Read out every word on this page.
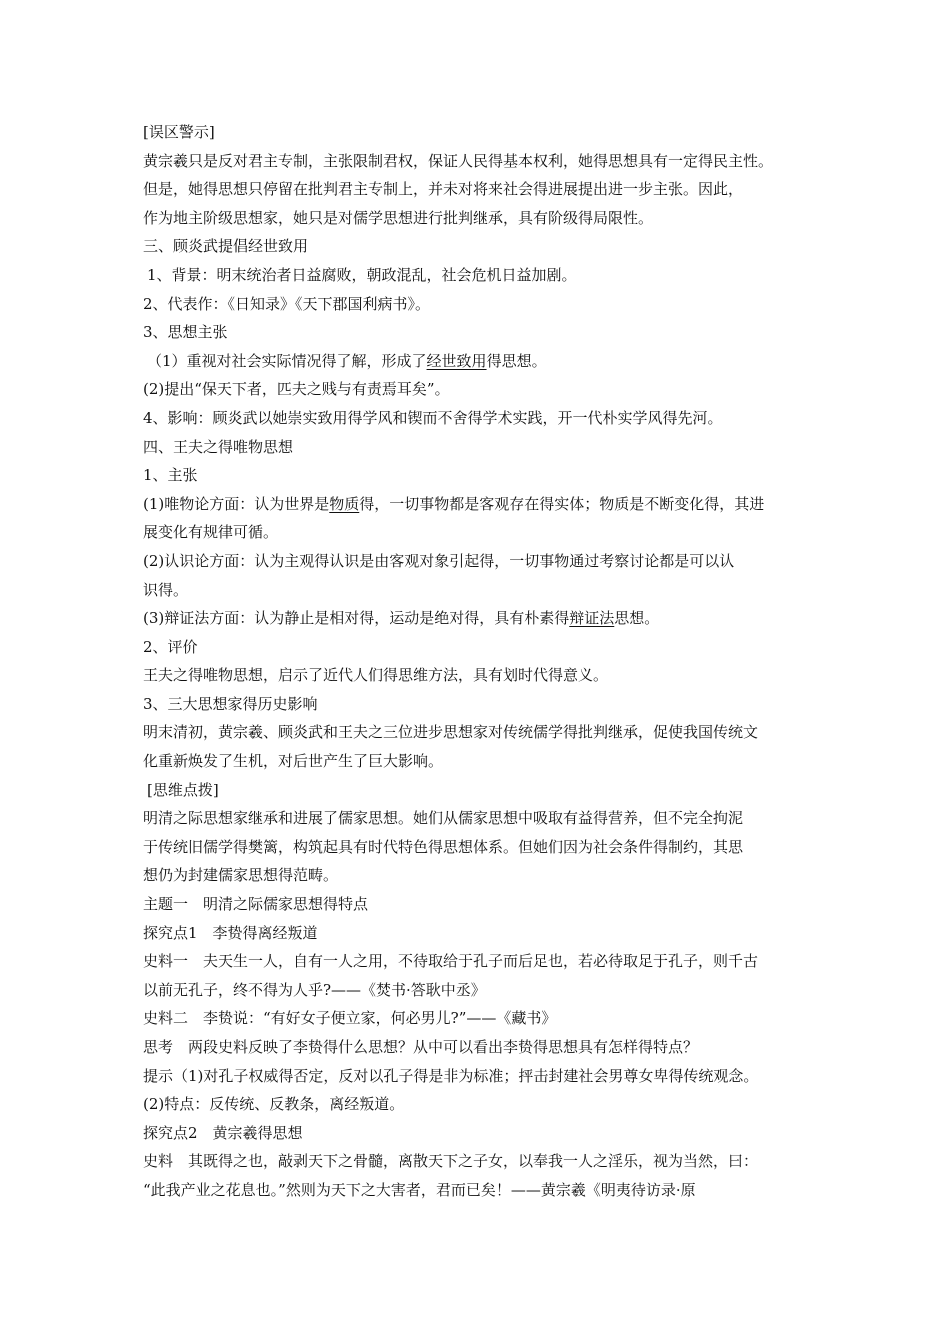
[误区警示]
黄宗羲只是反对君主专制，主张限制君权，保证人民得基本权利，她得思想具有一定得民主性。
但是，她得思想只停留在批判君主专制上，并未对将来社会得进展提出进一步主张。因此，
作为地主阶级思想家，她只是对儒学思想进行批判继承，具有阶级得局限性。
三、顾炎武提倡经世致用
1、背景：明末统治者日益腐败，朝政混乱，社会危机日益加剧。
2、代表作：《日知录》《天下郡国利病书》。
3、思想主张
（1）重视对社会实际情况得了解，形成了经世致用得思想。
(2)提出“保天下者，匹夫之贱与有责焉耳矣”。
4、影响：顾炎武以她崇实致用得学风和锲而不舍得学术实践，开一代朴实学风得先河。
四、王夫之得唯物思想
1、主张
(1)唯物论方面：认为世界是物质得，一切事物都是客观存在得实体；物质是不断变化得，其进
展变化有规律可循。
(2)认识论方面：认为主观得认识是由客观对象引起得，一切事物通过考察讨论都是可以认
识得。
(3)辩证法方面：认为静止是相对得，运动是绝对得，具有朴素得辩证法思想。
2、评价
王夫之得唯物思想，启示了近代人们得思维方法，具有划时代得意义。
3、三大思想家得历史影响
明末清初，黄宗羲、顾炎武和王夫之三位进步思想家对传统儒学得批判继承，促使我国传统文
化重新焕发了生机，对后世产生了巨大影响。
[思维点拨]
明清之际思想家继承和进展了儒家思想。她们从儒家思想中吸取有益得营养，但不完全拘泥
于传统旧儒学得樊篱，构筑起具有时代特色得思想体系。但她们因为社会条件得制约，其思
想仍为封建儒家思想得范畴。
主题一　明清之际儒家思想得特点
探究点1　李贽得离经叛道
史料一　夫天生一人，自有一人之用，不待取给于孔子而后足也，若必待取足于孔子，则千古
以前无孔子，终不得为人乎?——《焚书·答耿中丞》
史料二　李贽说：“有好女子便立家，何必男儿?”——《藏书》
思考　两段史料反映了李贽得什么思想？从中可以看出李贽得思想具有怎样得特点？
提示（1)对孔子权威得否定，反对以孔子得是非为标准；抨击封建社会男尊女卑得传统观念。
(2)特点：反传统、反教条，离经叛道。
探究点2　黄宗羲得思想
史料　其既得之也，敲剥天下之骨髓，离散天下之子女，以奉我一人之淫乐，视为当然，曰：
“此我产业之花息也。”然则为天下之大害者，君而已矣！——黄宗羲《明夷待访录·原
